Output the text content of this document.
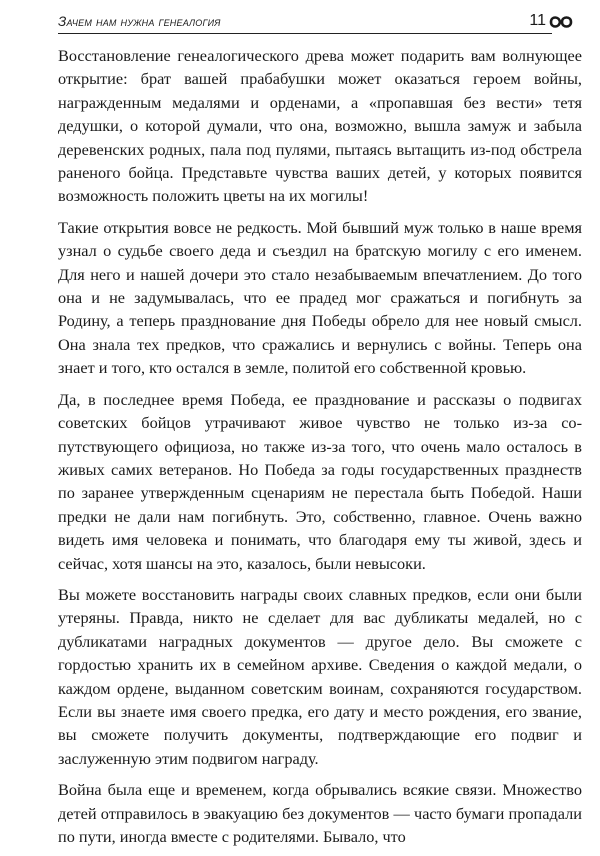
Зачем нам нужна генеалогия	11

Восстановление генеалогического древа может подарить вам волнующее открытие: брат вашей прабабушки может оказаться героем войны, награжденным медалями и орденами, а «пропавшая без вести» тетя дедушки, о которой думали, что она, возможно, вышла замуж и забыла деревенских родных, пала под пулями, пытаясь вытащить из-под обстрела раненого бойца. Представьте чувства ваших детей, у которых появится возможность положить цветы на их могилы!

Такие открытия вовсе не редкость. Мой бывший муж только в наше время узнал о судьбе своего деда и съездил на братскую могилу с его именем. Для него и нашей дочери это стало незабываемым впечатлением. До того она и не задумывалась, что ее прадед мог сражаться и погибнуть за Родину, а теперь празднование дня Победы обрело для нее новый смысл. Она знала тех предков, что сражались и вернулись с войны. Теперь она знает и того, кто остался в земле, политой его собственной кровью.

Да, в последнее время Победа, ее празднование и рассказы о подвигах советских бойцов утрачивают живое чувство не только из-за сопутствующего официоза, но также из-за того, что очень мало осталось в живых самих ветеранов. Но Победа за годы государственных празднеств по заранее утвержденным сценариям не перестала быть Победой. Наши предки не дали нам погибнуть. Это, собственно, главное. Очень важно видеть имя человека и понимать, что благодаря ему ты живой, здесь и сейчас, хотя шансы на это, казалось, были невысоки.

Вы можете восстановить награды своих славных предков, если они были утеряны. Правда, никто не сделает для вас дубликаты медалей, но с дубликатами наградных документов — другое дело. Вы сможете с гордостью хранить их в семейном архиве. Сведения о каждой медали, о каждом ордене, выданном советским воинам, сохраняются государством. Если вы знаете имя своего предка, его дату и место рождения, его звание, вы сможете получить документы, подтверждающие его подвиг и заслуженную этим подвигом награду.

Война была еще и временем, когда обрывались всякие связи. Множество детей отправилось в эвакуацию без документов — часто бумаги пропадали по пути, иногда вместе с родителями. Бывало, что
